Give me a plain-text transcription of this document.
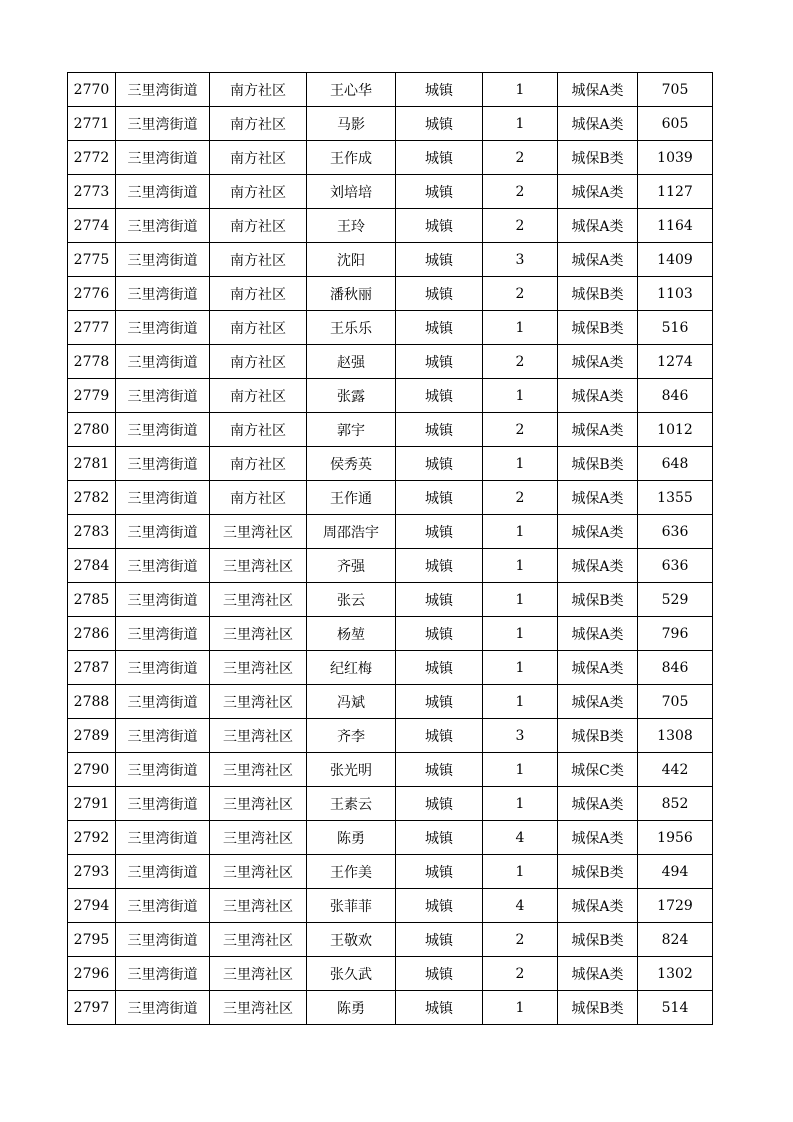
2770	三里湾街道	南方社区	王心华	城镇	1	城保A类	705
2771	三里湾街道	南方社区	马影	城镇	1	城保A类	605
2772	三里湾街道	南方社区	王作成	城镇	2	城保B类	1039
2773	三里湾街道	南方社区	刘培培	城镇	2	城保A类	1127
2774	三里湾街道	南方社区	王玲	城镇	2	城保A类	1164
2775	三里湾街道	南方社区	沈阳	城镇	3	城保A类	1409
2776	三里湾街道	南方社区	潘秋丽	城镇	2	城保B类	1103
2777	三里湾街道	南方社区	王乐乐	城镇	1	城保B类	516
2778	三里湾街道	南方社区	赵强	城镇	2	城保A类	1274
2779	三里湾街道	南方社区	张露	城镇	1	城保A类	846
2780	三里湾街道	南方社区	郭宇	城镇	2	城保A类	1012
2781	三里湾街道	南方社区	侯秀英	城镇	1	城保B类	648
2782	三里湾街道	南方社区	王作通	城镇	2	城保A类	1355
2783	三里湾街道	三里湾社区	周邵浩宇	城镇	1	城保A类	636
2784	三里湾街道	三里湾社区	齐强	城镇	1	城保A类	636
2785	三里湾街道	三里湾社区	张云	城镇	1	城保B类	529
2786	三里湾街道	三里湾社区	杨堃	城镇	1	城保A类	796
2787	三里湾街道	三里湾社区	纪红梅	城镇	1	城保A类	846
2788	三里湾街道	三里湾社区	冯斌	城镇	1	城保A类	705
2789	三里湾街道	三里湾社区	齐李	城镇	3	城保B类	1308
2790	三里湾街道	三里湾社区	张光明	城镇	1	城保C类	442
2791	三里湾街道	三里湾社区	王素云	城镇	1	城保A类	852
2792	三里湾街道	三里湾社区	陈勇	城镇	4	城保A类	1956
2793	三里湾街道	三里湾社区	王作美	城镇	1	城保B类	494
2794	三里湾街道	三里湾社区	张菲菲	城镇	4	城保A类	1729
2795	三里湾街道	三里湾社区	王敬欢	城镇	2	城保B类	824
2796	三里湾街道	三里湾社区	张久武	城镇	2	城保A类	1302
2797	三里湾街道	三里湾社区	陈勇	城镇	1	城保B类	514
